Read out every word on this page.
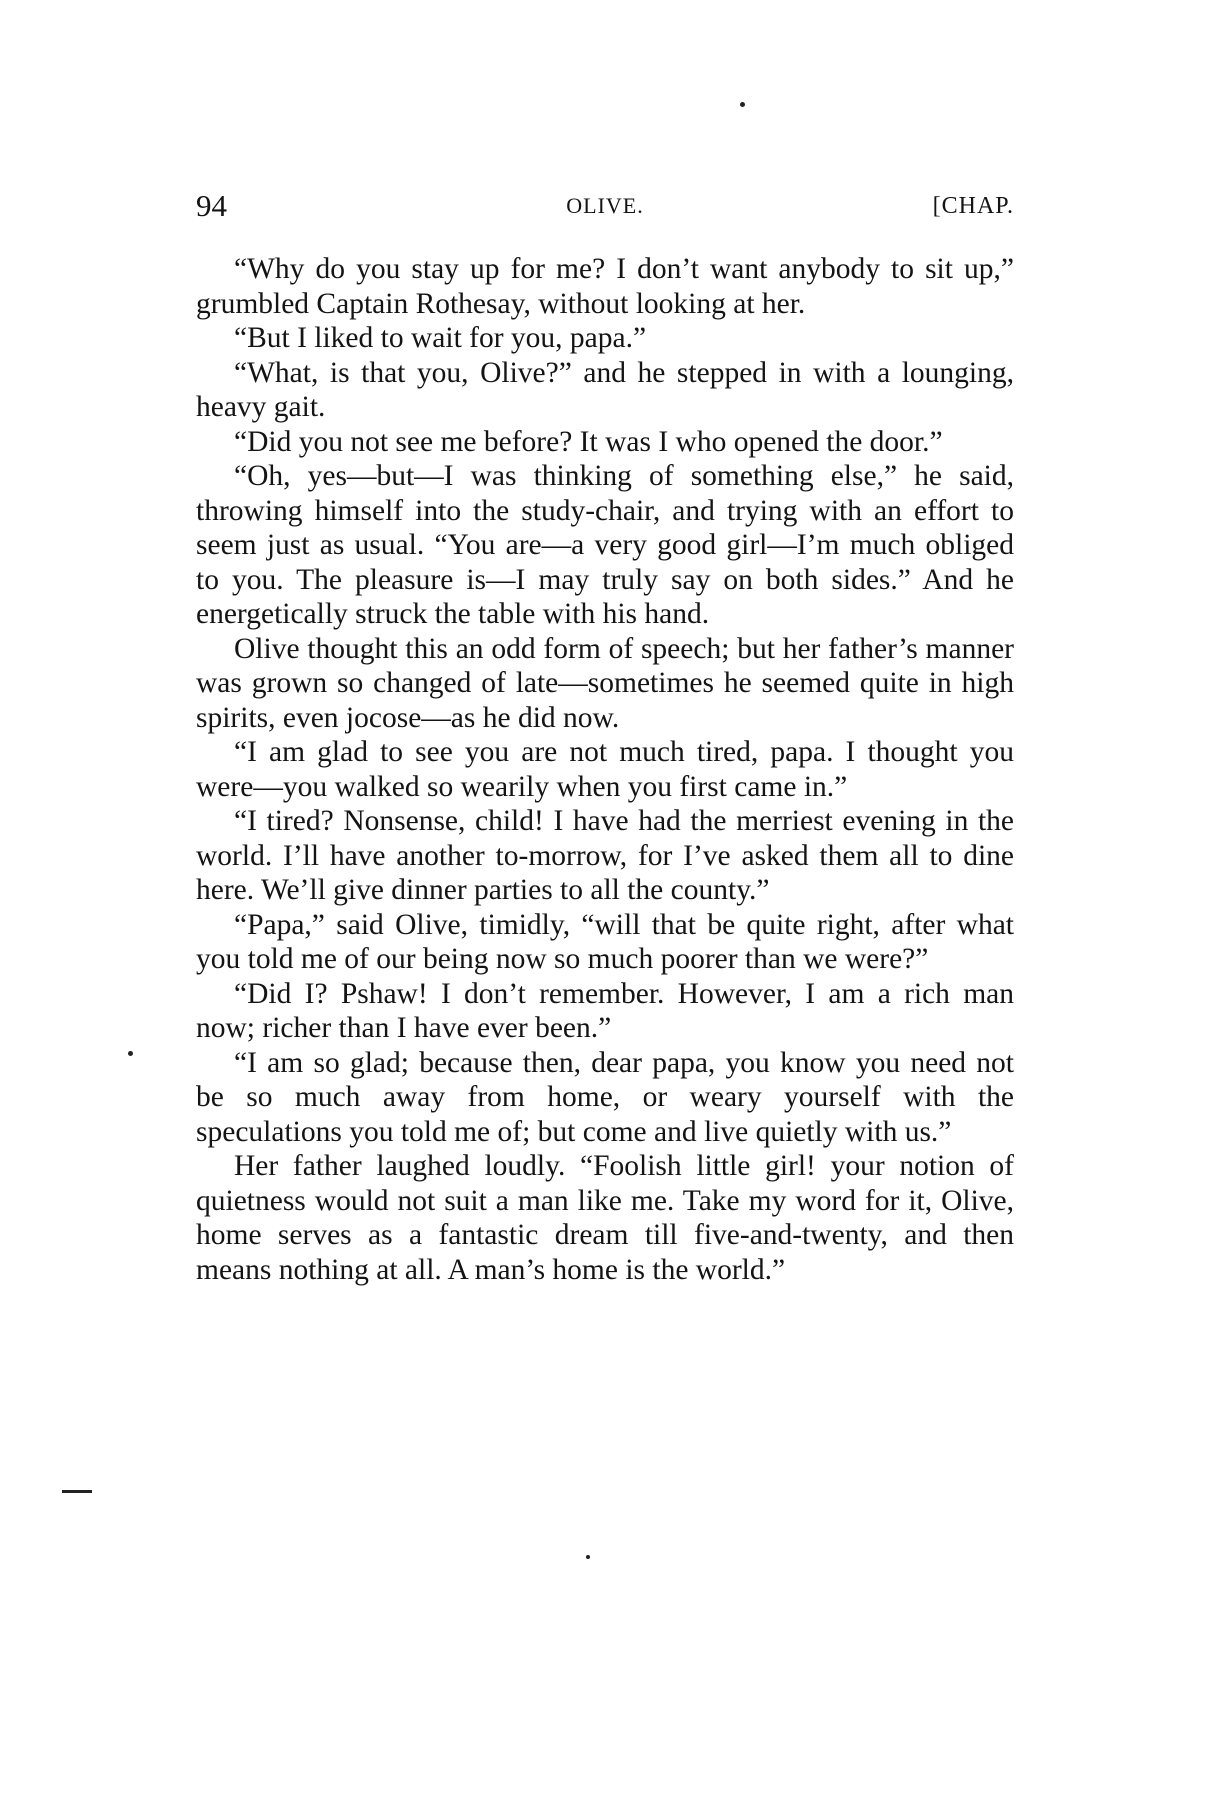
94	OLIVE.	[CHAP.

“Why do you stay up for me? I don’t want anybody to sit up,” grumbled Captain Rothesay, without looking at her.

“But I liked to wait for you, papa.”

“What, is that you, Olive?” and he stepped in with a lounging, heavy gait.

“Did you not see me before? It was I who opened the door.”

“Oh, yes—but—I was thinking of something else,” he said, throwing himself into the study-chair, and trying with an effort to seem just as usual. “You are—a very good girl—I’m much obliged to you. The pleasure is—I may truly say on both sides.” And he energetically struck the table with his hand.

Olive thought this an odd form of speech; but her father’s manner was grown so changed of late—sometimes he seemed quite in high spirits, even jocose—as he did now.

“I am glad to see you are not much tired, papa. I thought you were—you walked so wearily when you first came in.”

“I tired? Nonsense, child! I have had the merriest evening in the world. I’ll have another to-morrow, for I’ve asked them all to dine here. We’ll give dinner parties to all the county.”

“Papa,” said Olive, timidly, “will that be quite right, after what you told me of our being now so much poorer than we were?”

“Did I? Pshaw! I don’t remember. However, I am a rich man now; richer than I have ever been.”

“I am so glad; because then, dear papa, you know you need not be so much away from home, or weary yourself with the speculations you told me of; but come and live quietly with us.”

Her father laughed loudly. “Foolish little girl! your notion of quietness would not suit a man like me. Take my word for it, Olive, home serves as a fantastic dream till five-and-twenty, and then means nothing at all. A man’s home is the world.”
